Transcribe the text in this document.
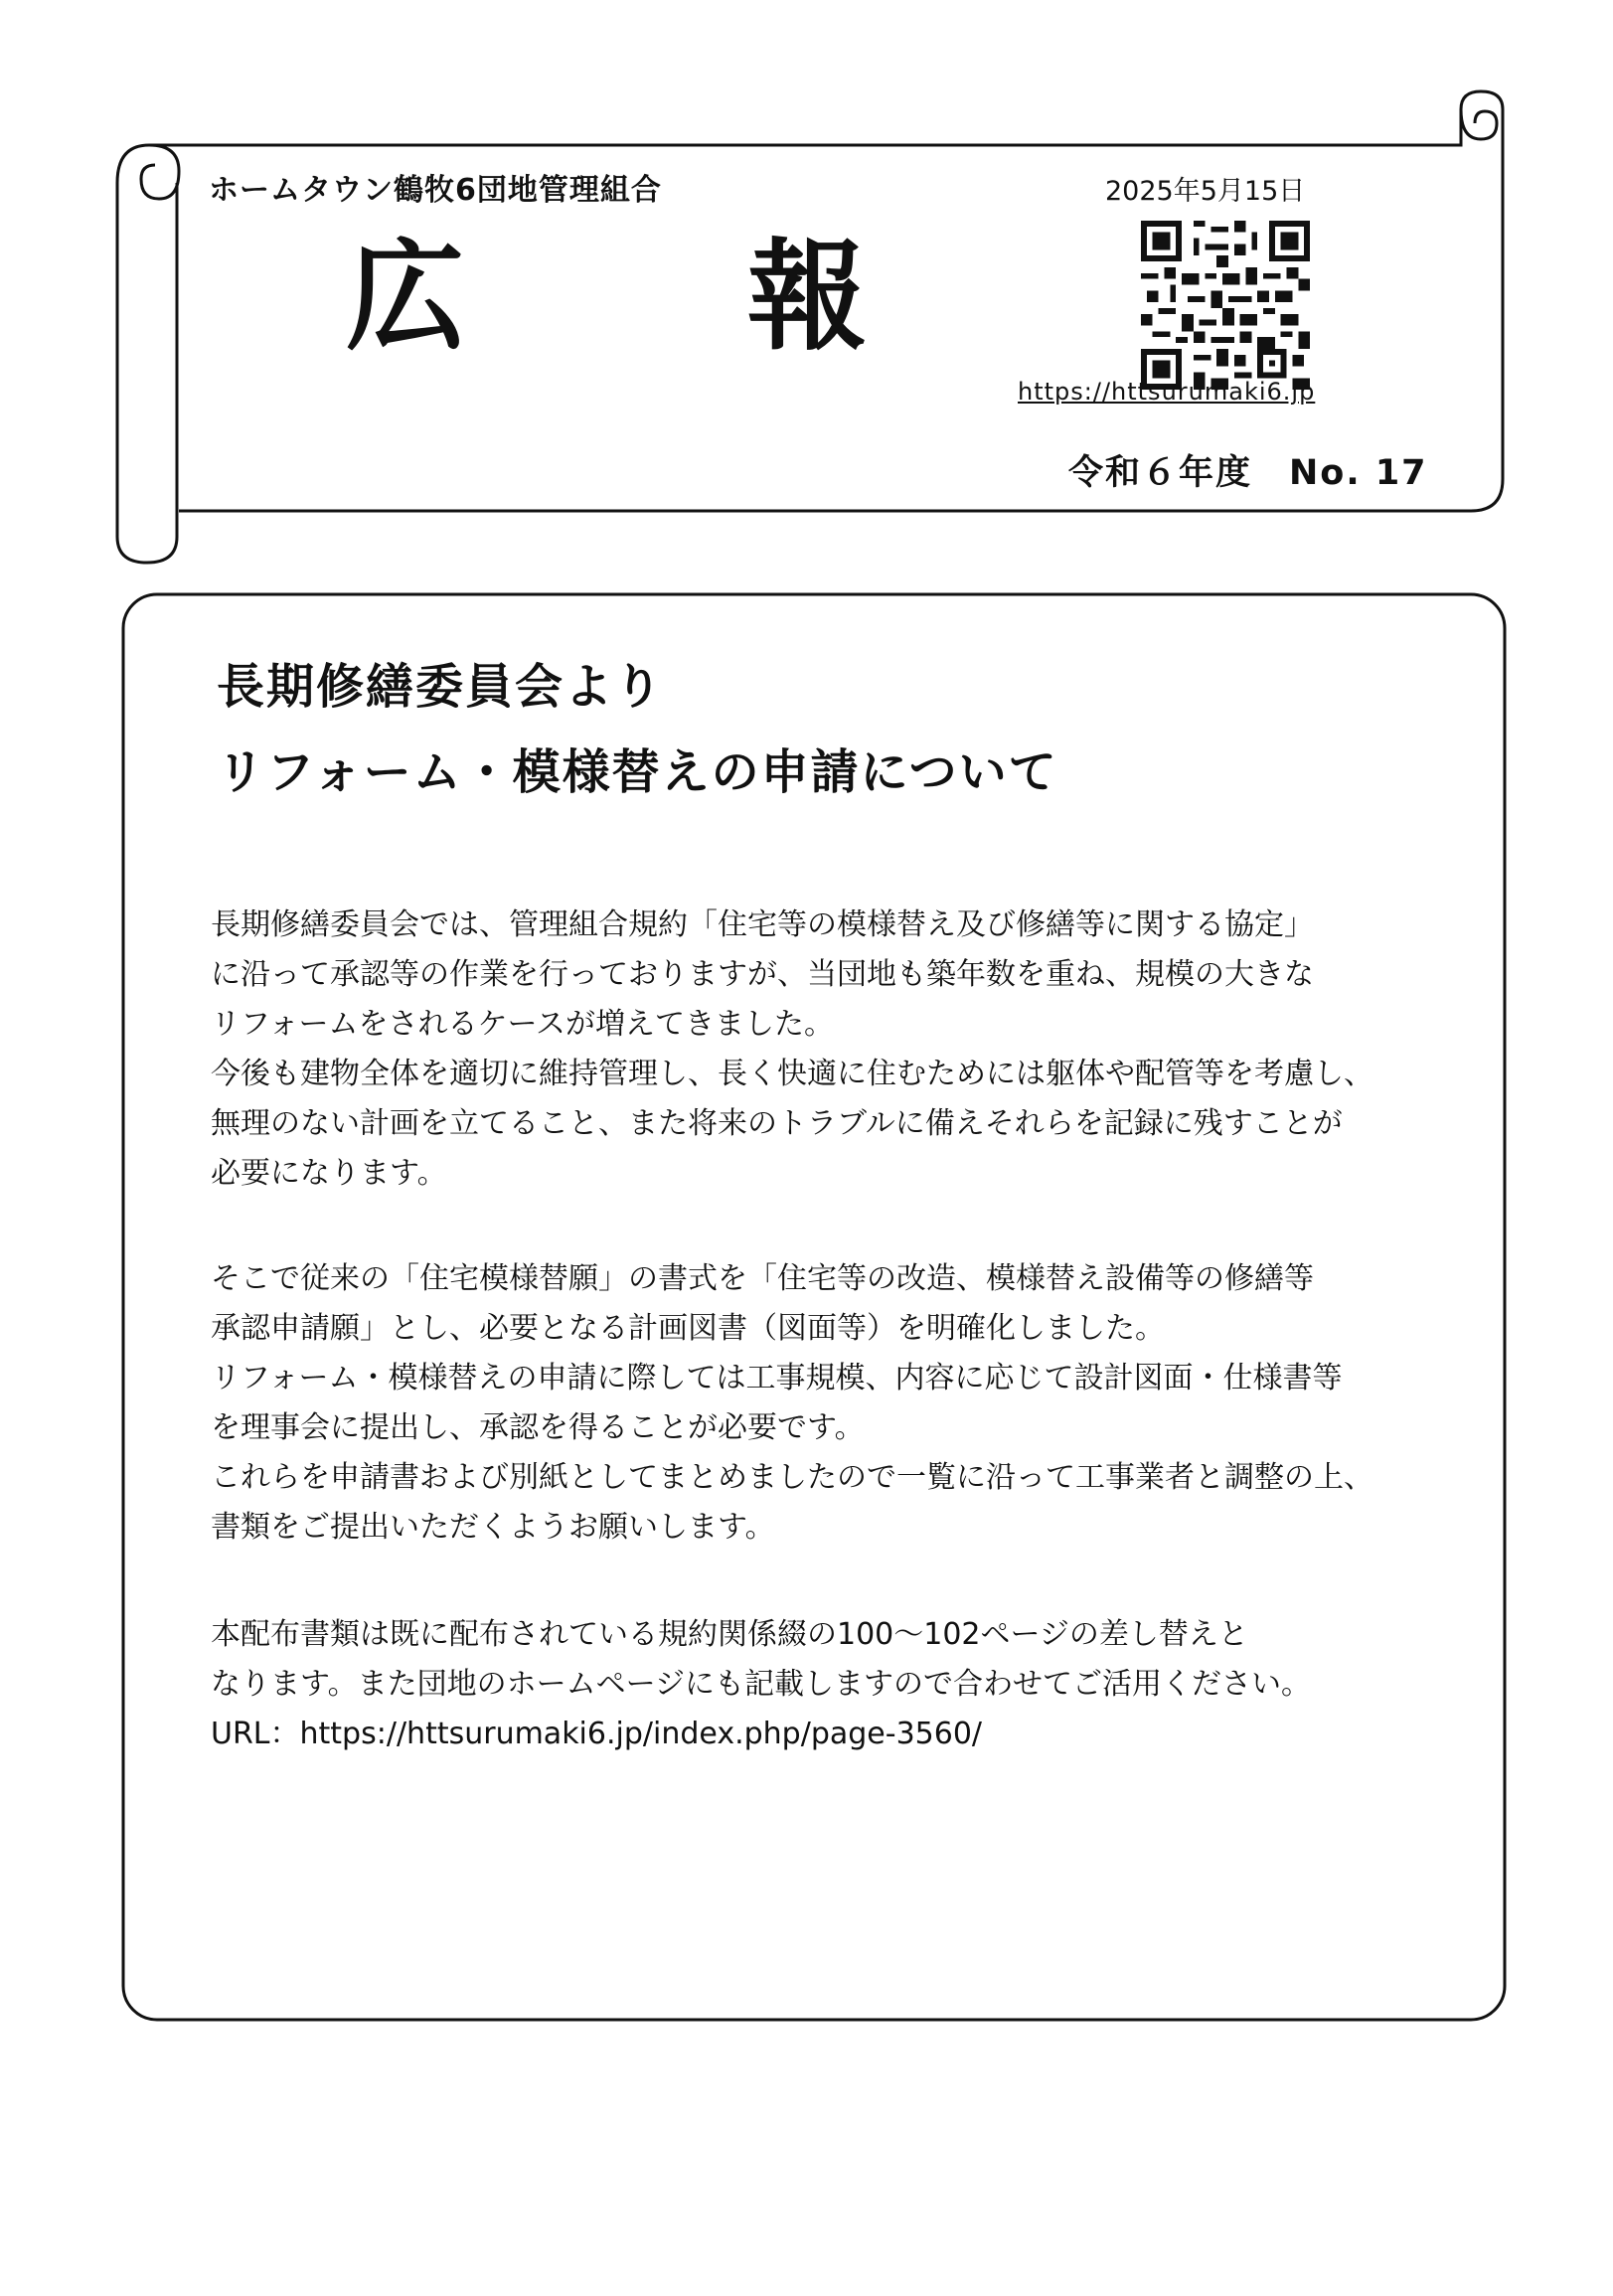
ホームタウン鶴牧6団地管理組合	2025年5月15日
広 報
https://httsurumaki6.jp
令和６年度　No. 17
長期修繕委員会より
リフォーム・模様替えの申請について
長期修繕委員会では、管理組合規約「住宅等の模様替え及び修繕等に関する協定」
に沿って承認等の作業を行っておりますが、当団地も築年数を重ね、規模の大きな
リフォームをされるケースが増えてきました。
今後も建物全体を適切に維持管理し、長く快適に住むためには躯体や配管等を考慮し、
無理のない計画を立てること、また将来のトラブルに備えそれらを記録に残すことが
必要になります。
そこで従来の「住宅模様替願」の書式を「住宅等の改造、模様替え設備等の修繕等
承認申請願」とし、必要となる計画図書（図面等）を明確化しました。
リフォーム・模様替えの申請に際しては工事規模、内容に応じて設計図面・仕様書等
を理事会に提出し、承認を得ることが必要です。
これらを申請書および別紙としてまとめましたので一覧に沿って工事業者と調整の上、
書類をご提出いただくようお願いします。
本配布書類は既に配布されている規約関係綴の100～102ページの差し替えと
なります。また団地のホームページにも記載しますので合わせてご活用ください。
URL：https://httsurumaki6.jp/index.php/page-3560/
